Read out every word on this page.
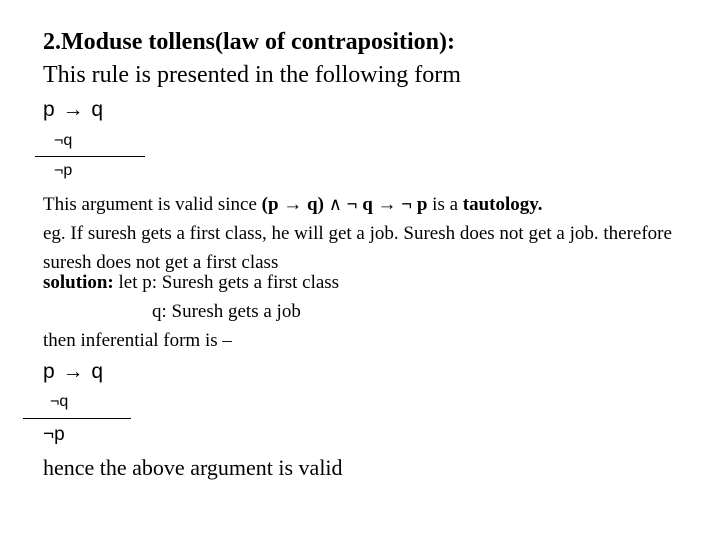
2.Moduse tollens(law of contraposition):
This rule is presented in the following form
p → q
¬q
¬p
This argument is valid since (p → q) ∧ ¬ q → ¬ p is a tautology.
eg. If suresh gets a first class, he will get a job. Suresh does not get a job. therefore suresh does not get a first class
solution: let p: Suresh gets a first class
q: Suresh gets a job
then inferential form is –
p → q
¬q
¬p
hence the above argument is valid
